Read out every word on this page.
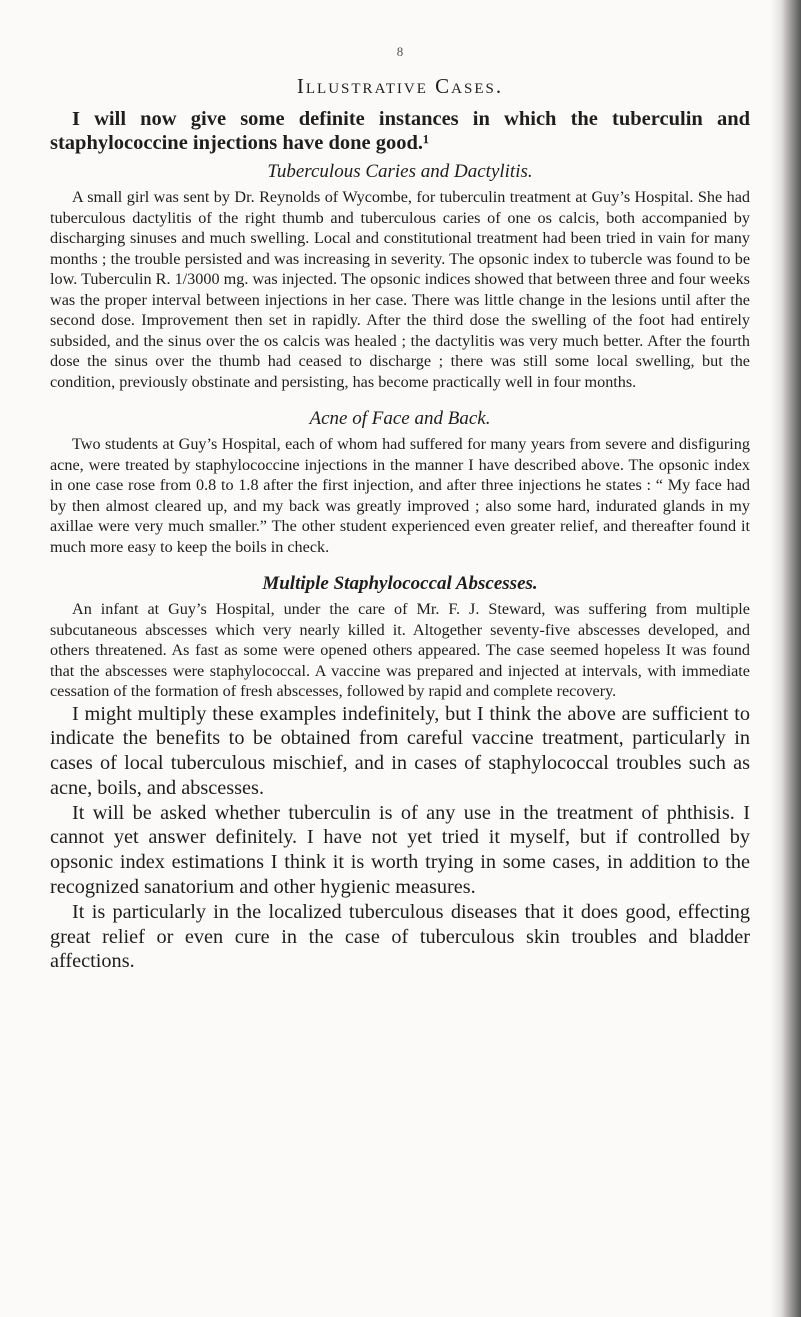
8
Illustrative Cases.

I will now give some definite instances in which the tuberculin and staphylococcine injections have done good.¹

Tuberculous Caries and Dactylitis.

A small girl was sent by Dr. Reynolds of Wycombe, for tuberculin treatment at Guy’s Hospital. She had tuberculous dactylitis of the right thumb and tuberculous caries of one os calcis, both accompanied by discharging sinuses and much swelling. Local and constitutional treatment had been tried in vain for many months ; the trouble persisted and was increasing in severity. The opsonic index to tubercle was found to be low. Tuberculin R. 1/3000 mg. was injected. The opsonic indices showed that between three and four weeks was the proper interval between injections in her case. There was little change in the lesions until after the second dose. Improvement then set in rapidly. After the third dose the swelling of the foot had entirely subsided, and the sinus over the os calcis was healed ; the dactylitis was very much better. After the fourth dose the sinus over the thumb had ceased to discharge ; there was still some local swelling, but the condition, previously obstinate and persisting, has become practically well in four months.

Acne of Face and Back.

Two students at Guy’s Hospital, each of whom had suffered for many years from severe and disfiguring acne, were treated by staphylococcine injections in the manner I have described above. The opsonic index in one case rose from 0.8 to 1.8 after the first injection, and after three injections he states : “ My face had by then almost cleared up, and my back was greatly improved ; also some hard, indurated glands in my axillae were very much smaller.” The other student experienced even greater relief, and thereafter found it much more easy to keep the boils in check.

Multiple Staphylococcal Abscesses.

An infant at Guy’s Hospital, under the care of Mr. F. J. Steward, was suffering from multiple subcutaneous abscesses which very nearly killed it. Altogether seventy-five abscesses developed, and others threatened. As fast as some were opened others appeared. The case seemed hopeless It was found that the abscesses were staphylococcal. A vaccine was prepared and injected at intervals, with immediate cessation of the formation of fresh abscesses, followed by rapid and complete recovery.

I might multiply these examples indefinitely, but I think the above are sufficient to indicate the benefits to be obtained from careful vaccine treatment, particularly in cases of local tuberculous mischief, and in cases of staphylococcal troubles such as acne, boils, and abscesses.

It will be asked whether tuberculin is of any use in the treatment of phthisis. I cannot yet answer definitely. I have not yet tried it myself, but if controlled by opsonic index estimations I think it is worth trying in some cases, in addition to the recognized sanatorium and other hygienic measures.

It is particularly in the localized tuberculous diseases that it does good, effecting great relief or even cure in the case of tuberculous skin troubles and bladder affections.
